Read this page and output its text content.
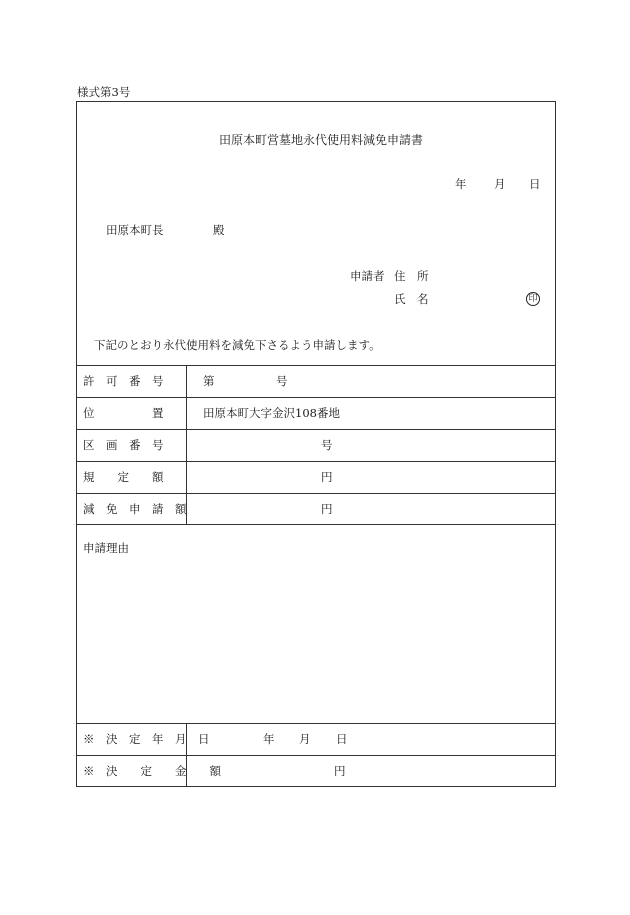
様式第3号
田原本町営墓地永代使用料減免申請書
年 月 日
田原本町長	殿
申請者 住　所
氏　名	印
下記のとおり永代使用料を減免下さるよう申請します。
許　可　番　号	第	号
位　　　　　置	田原本町大字金沢108番地
区　画　番　号	号
規　　定　　額	円
減　免　申　請　額	円
申請理由
※　決　定　年　月　日	年 月 日
※　決　　定　　金　　額	円
